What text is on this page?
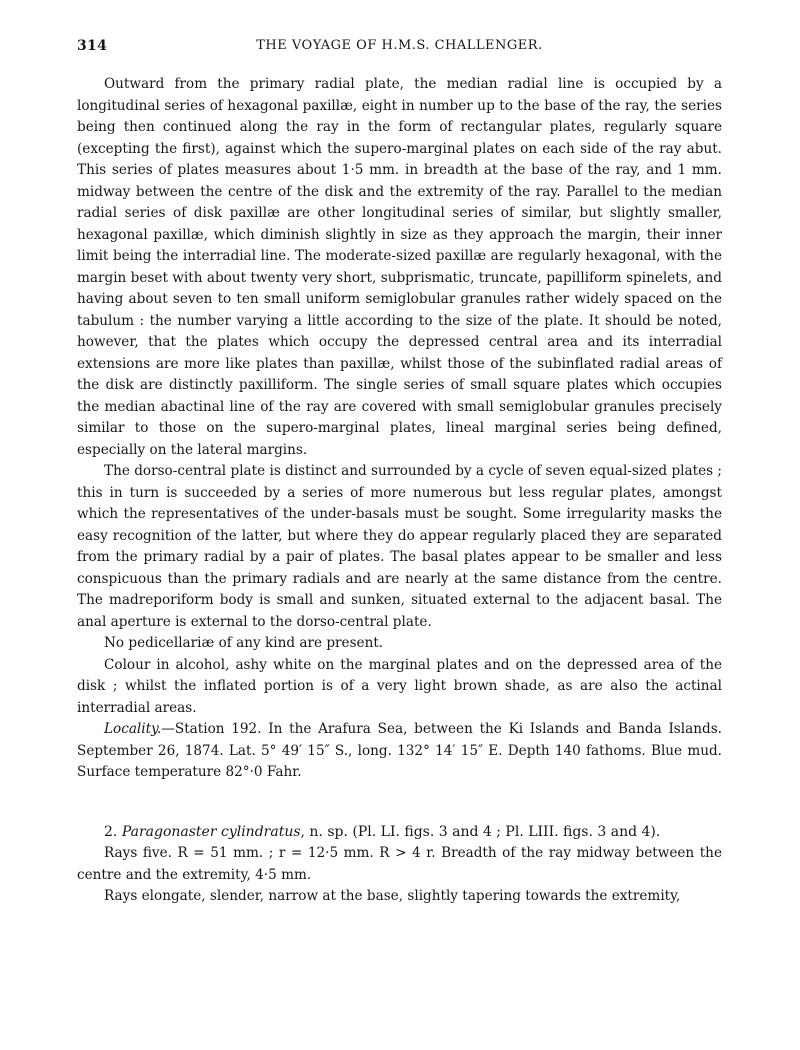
314	THE VOYAGE OF H.M.S. CHALLENGER.

Outward from the primary radial plate, the median radial line is occupied by a longitudinal series of hexagonal paxillæ, eight in number up to the base of the ray, the series being then continued along the ray in the form of rectangular plates, regularly square (excepting the first), against which the supero-marginal plates on each side of the ray abut. This series of plates measures about 1·5 mm. in breadth at the base of the ray, and 1 mm. midway between the centre of the disk and the extremity of the ray. Parallel to the median radial series of disk paxillæ are other longitudinal series of similar, but slightly smaller, hexagonal paxillæ, which diminish slightly in size as they approach the margin, their inner limit being the interradial line. The moderate-sized paxillæ are regularly hexagonal, with the margin beset with about twenty very short, subprismatic, truncate, papilliform spinelets, and having about seven to ten small uniform semiglobular granules rather widely spaced on the tabulum : the number varying a little according to the size of the plate. It should be noted, however, that the plates which occupy the depressed central area and its interradial extensions are more like plates than paxillæ, whilst those of the subinflated radial areas of the disk are distinctly paxilliform. The single series of small square plates which occupies the median abactinal line of the ray are covered with small semiglobular granules precisely similar to those on the supero-marginal plates, lineal marginal series being defined, especially on the lateral margins.

The dorso-central plate is distinct and surrounded by a cycle of seven equal-sized plates ; this in turn is succeeded by a series of more numerous but less regular plates, amongst which the representatives of the under-basals must be sought. Some irregularity masks the easy recognition of the latter, but where they do appear regularly placed they are separated from the primary radial by a pair of plates. The basal plates appear to be smaller and less conspicuous than the primary radials and are nearly at the same distance from the centre. The madreporiform body is small and sunken, situated external to the adjacent basal. The anal aperture is external to the dorso-central plate.

No pedicellariæ of any kind are present.

Colour in alcohol, ashy white on the marginal plates and on the depressed area of the disk ; whilst the inflated portion is of a very light brown shade, as are also the actinal interradial areas.

Locality.—Station 192. In the Arafura Sea, between the Ki Islands and Banda Islands. September 26, 1874. Lat. 5° 49′ 15″ S., long. 132° 14′ 15″ E. Depth 140 fathoms. Blue mud. Surface temperature 82°·0 Fahr.

2. Paragonaster cylindratus, n. sp. (Pl. LI. figs. 3 and 4 ; Pl. LIII. figs. 3 and 4).

Rays five. R = 51 mm. ; r = 12·5 mm. R > 4 r. Breadth of the ray midway between the centre and the extremity, 4·5 mm.

Rays elongate, slender, narrow at the base, slightly tapering towards the extremity,
